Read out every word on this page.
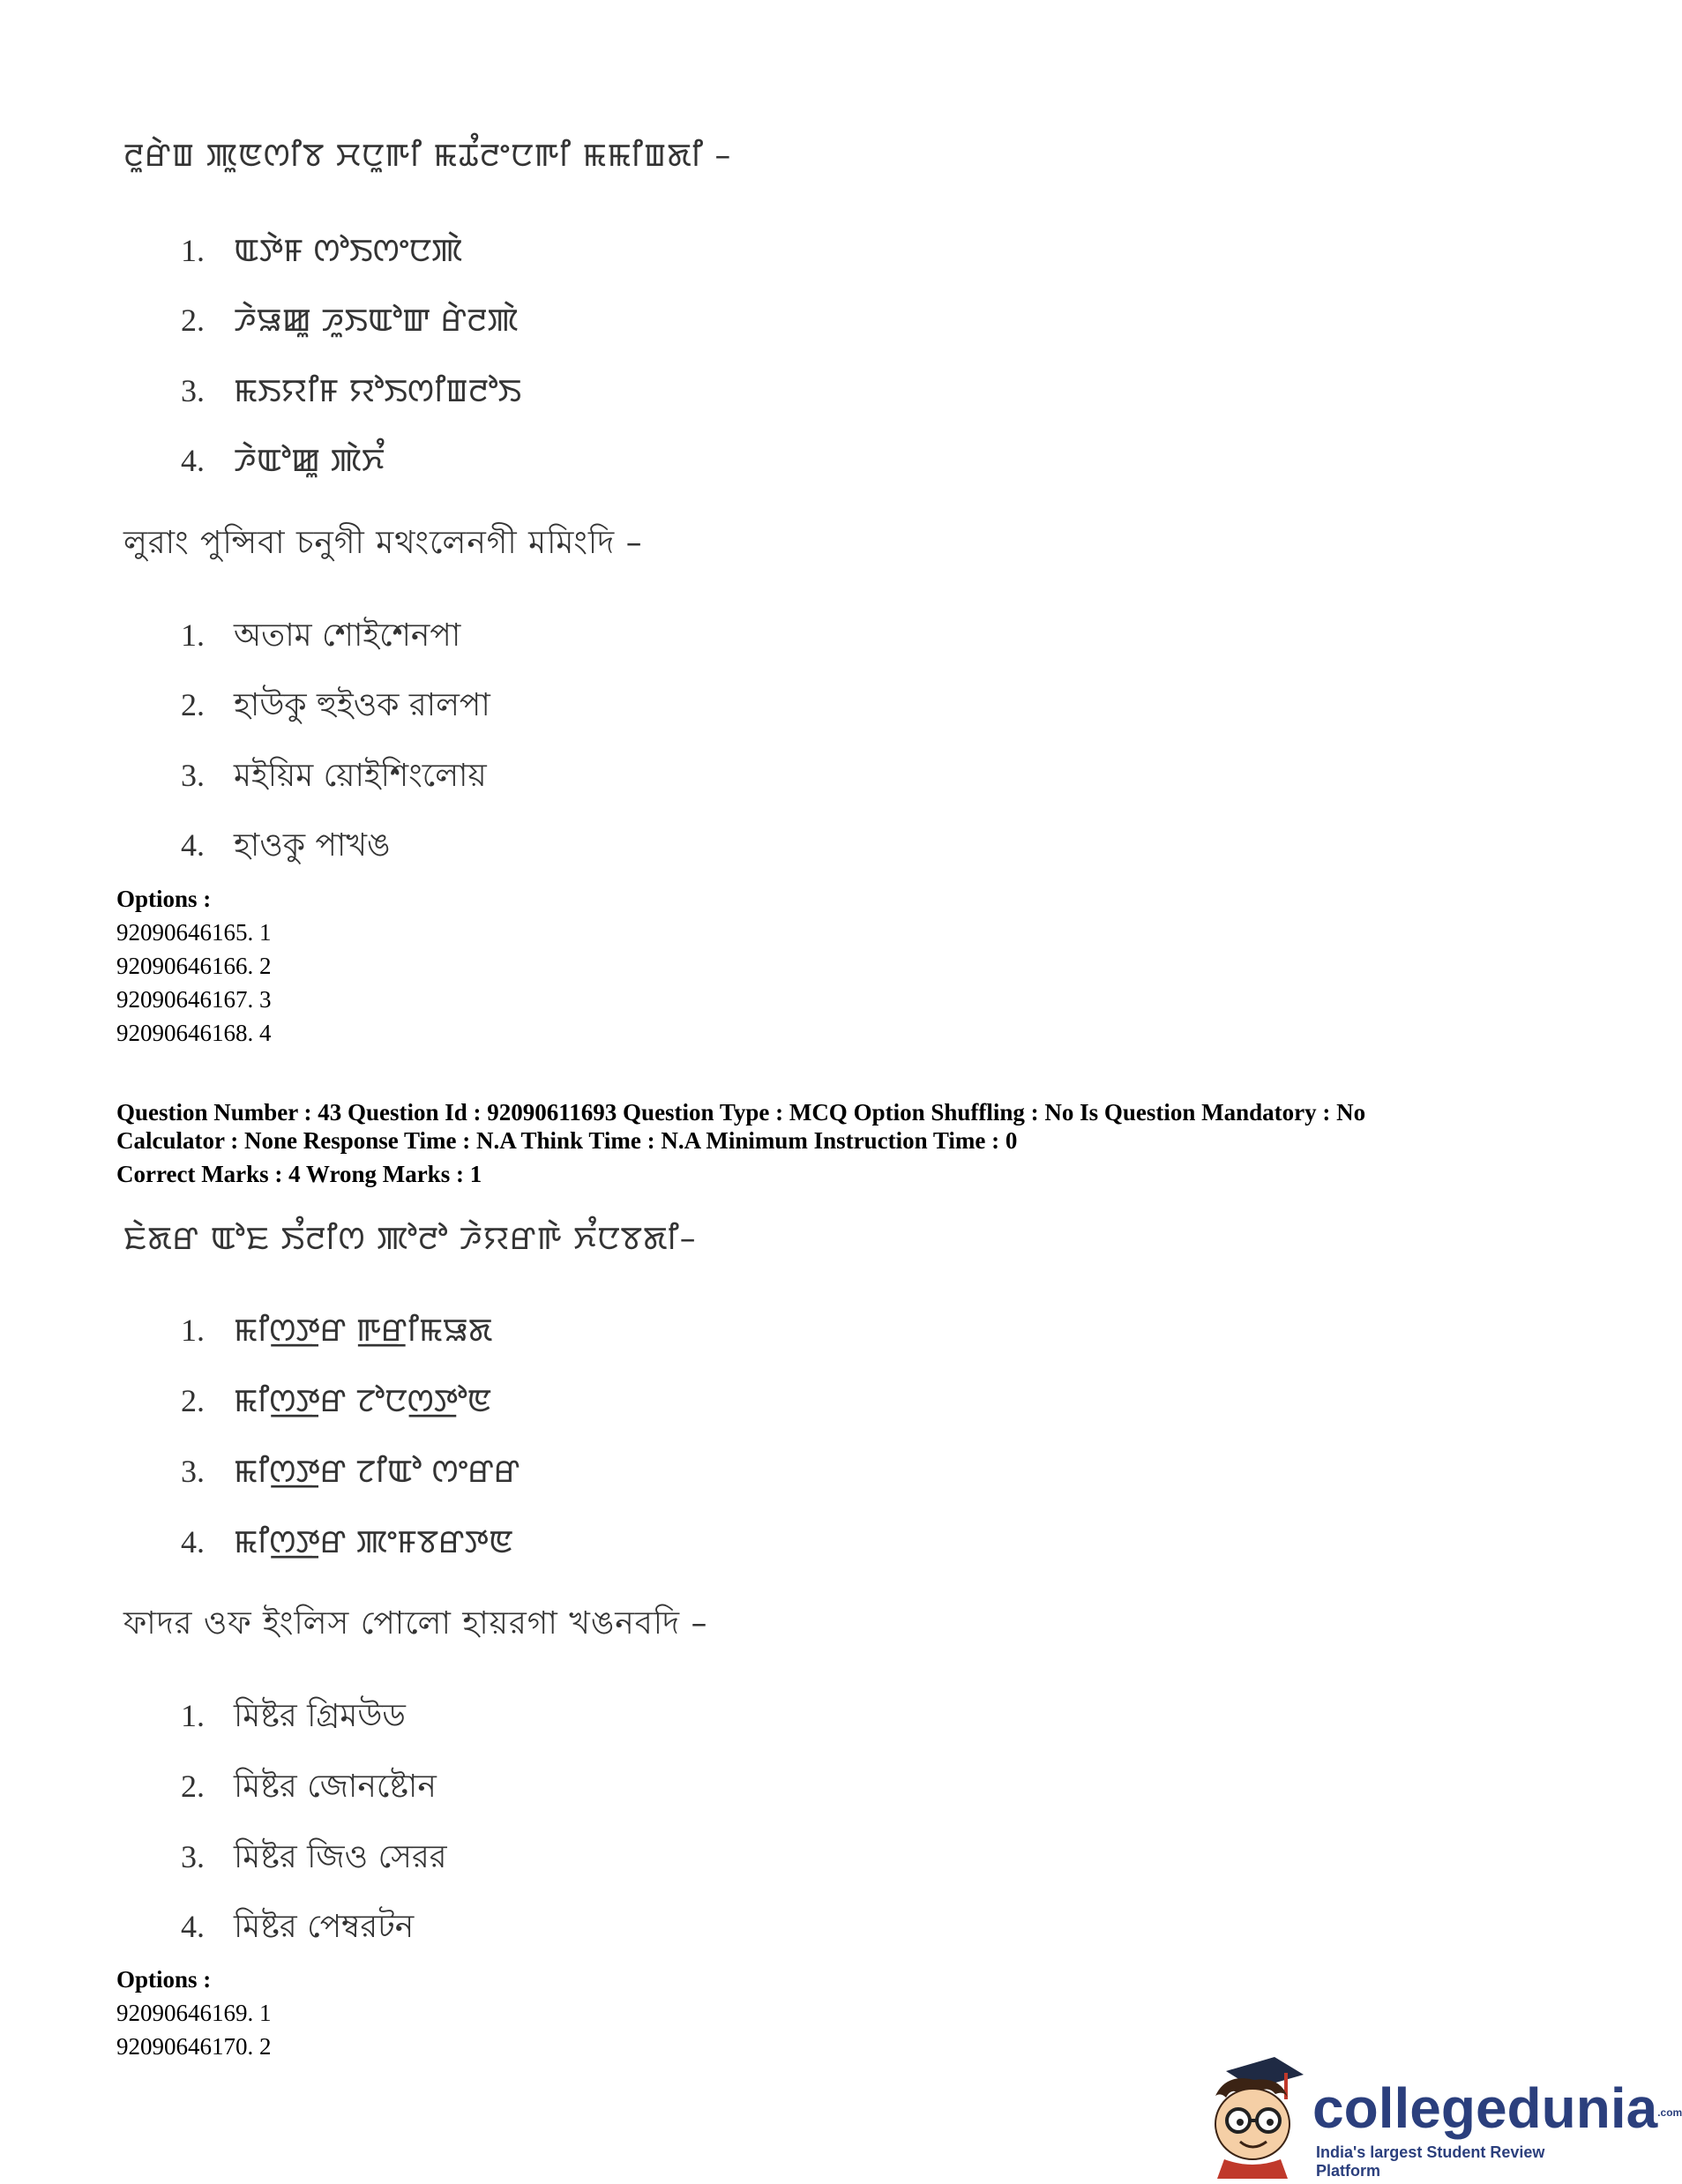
ꯂꯨꯔꯥꯡ ꯄꯨꯟꯁꯤꯕ ꯆꯅꯨꯒꯤ ꯃꯊꯪꯂꯦꯅꯒꯤ ꯃꯃꯤꯡꯗꯤ –
1. ꯑꯇꯥꯝ ꯁꯣꯏꯁꯦꯅꯄꯥ
2. ꯍꯥꯎꯀꯨ ꯍꯨꯏꯑꯣꯛ ꯔꯥꯂꯄꯥ
3. ꯃꯏꯌꯤꯝ ꯌꯣꯏꯁꯤꯡꯂꯣꯏ
4. ꯍꯥꯑꯣꯀꯨ ꯄꯥꯈꯪ
লুরাং পুন্সিবা চনুগী মথংলেনগী মমিংদি –
1. অতাম শোইশেনপা
2. হাউকু হুইওক রালপা
3. মইয়িম য়োইশিংলোয়
4. হাওকু পাখঙ
Options :
92090646165. 1
92090646166. 2
92090646167. 3
92090646168. 4
Question Number : 43 Question Id : 92090611693 Question Type : MCQ Option Shuffling : No Is Question Mandatory : No
Calculator : None Response Time : N.A Think Time : N.A Minimum Instruction Time : 0
Correct Marks : 4 Wrong Marks : 1
ꯐꯥꯗꯔ ꯑꯣꯐ ꯏꯪꯂꯤꯁ ꯄꯣꯂꯣ ꯍꯥꯌꯔꯒꯥ ꯈꯪꯅꯕꯗꯤ–
1. ꯃꯤꯁ꯭ꯇꯔ ꯒ꯭ꯔꯤꯃꯎꯗ
2. ꯃꯤꯁ꯭ꯇꯔ ꯖꯣꯅꯁ꯭ꯇꯣꯟ
3. ꯃꯤꯁ꯭ꯇꯔ ꯖꯤꯑꯣ ꯁꯦꯔꯔ
4. ꯃꯤꯁ꯭ꯇꯔ ꯄꯦꯝꯕꯔꯇꯟ
ফাদর ওফ ইংলিস পোলো হায়রগা খঙনবদি –
1. মিষ্টর গ্রিমউড
2. মিষ্টর জোনষ্টোন
3. মিষ্টর জিও সেরর
4. মিষ্টর পেম্বরটন
Options :
92090646169. 1
92090646170. 2
collegedunia.com
India's largest Student Review Platform
